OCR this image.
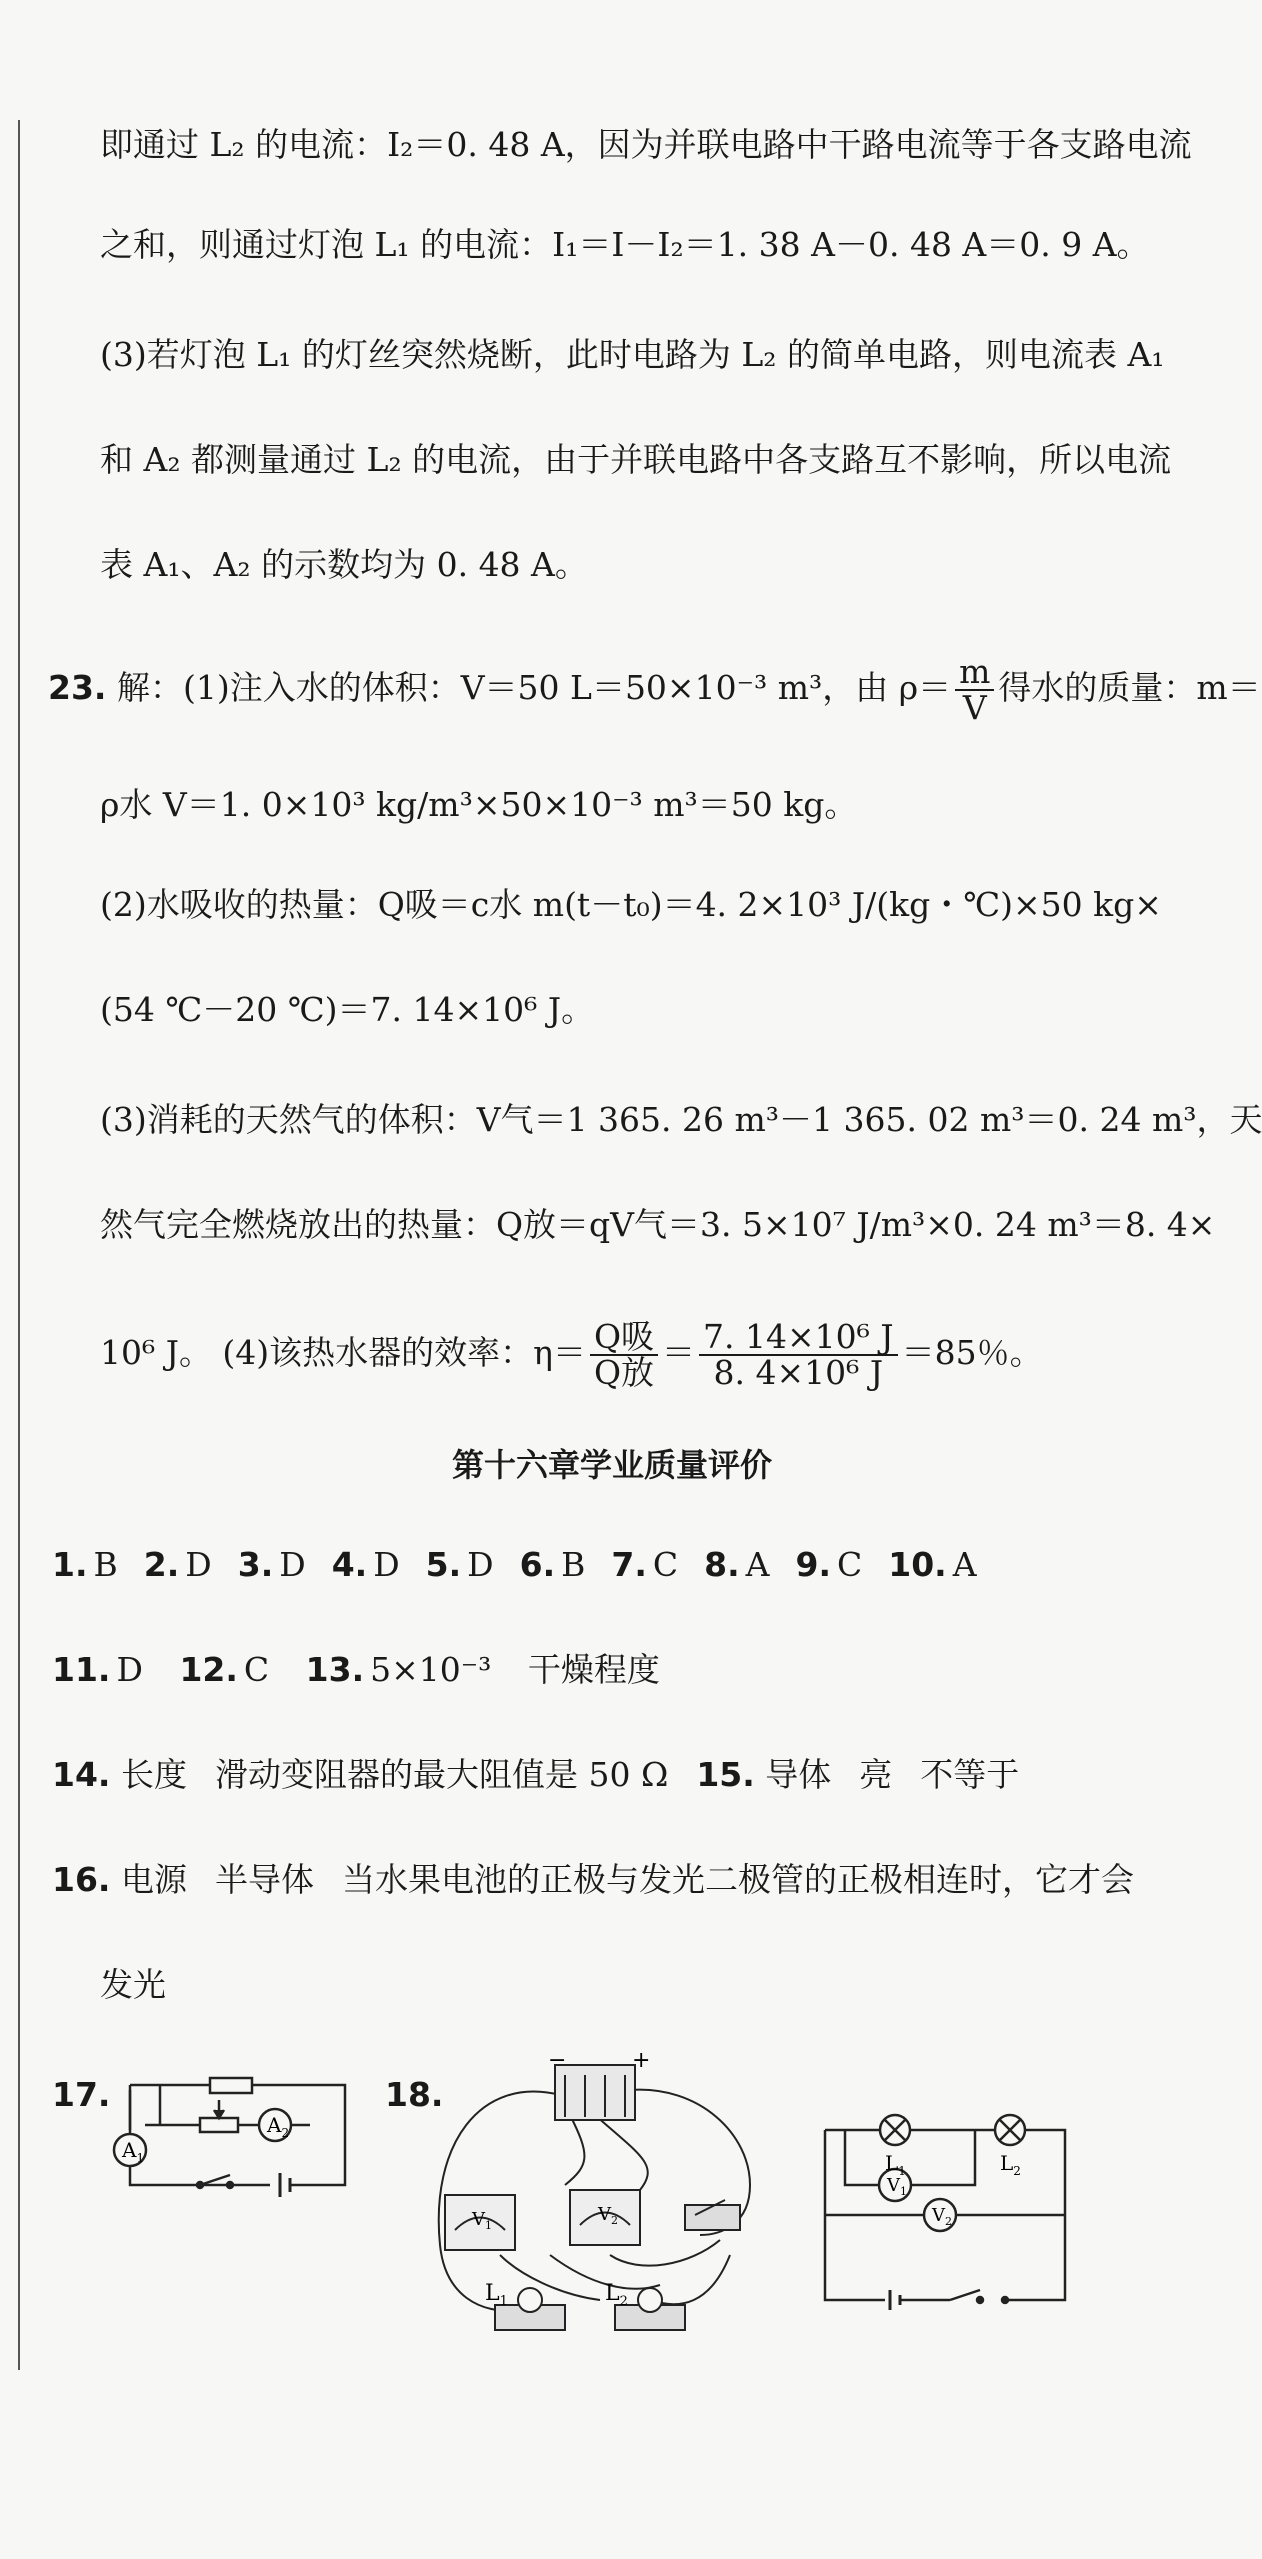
即通过 L₂ 的电流：I₂＝0. 48 A，因为并联电路中干路电流等于各支路电流
之和，则通过灯泡 L₁ 的电流：I₁＝I－I₂＝1. 38 A－0. 48 A＝0. 9 A。
(3)若灯泡 L₁ 的灯丝突然烧断，此时电路为 L₂ 的简单电路，则电流表 A₁
和 A₂ 都测量通过 L₂ 的电流，由于并联电路中各支路互不影响，所以电流
表 A₁、A₂ 的示数均为 0. 48 A。
23. 解：(1)注入水的体积：V＝50 L＝50×10⁻³ m³，由 $\rho= \frac{m}{V}$ 得水的质量：m＝
ρ水 V＝1. 0×10³ kg/m³×50×10⁻³ m³＝50 kg。
(2)水吸收的热量：Q吸＝c水 m(t－t₀)＝4. 2×10³ J/(kg・℃)×50 kg×
(54 ℃－20 ℃)＝7. 14×10⁶ J。
(3)消耗的天然气的体积：V气＝1 365. 26 m³－1 365. 02 m³＝0. 24 m³，天
然气完全燃烧放出的热量：Q放＝qV气＝3. 5×10⁷ J/m³×0. 24 m³＝8. 4×
10⁶ J。 (4)该热水器的效率：$\eta= \frac{\text{Q吸}}{\text{Q放}} = \frac{\text{7. 14×10⁶ J}}{\text{8. 4×10⁶ J}} =85$％。
第十六章学业质量评价
1. B 2. D 3. D 4. D 5. D 6. B 7. C 8. A 9. C 10. A
11. D 12. C 13. 5×10⁻³ 干燥程度
14. 长度 滑动变阻器的最大阻值是 50 Ω 15. 导体 亮 不等于
16. 电源 半导体 当水果电池的正极与发光二极管的正极相连时，它才会
发光
17.	18.
$A_1$
$A_2$
−	+
$V_1$
$V_2$
$L_1$	$L_2$
$V_1$
$V_2$
$L_1$	$L_2$
